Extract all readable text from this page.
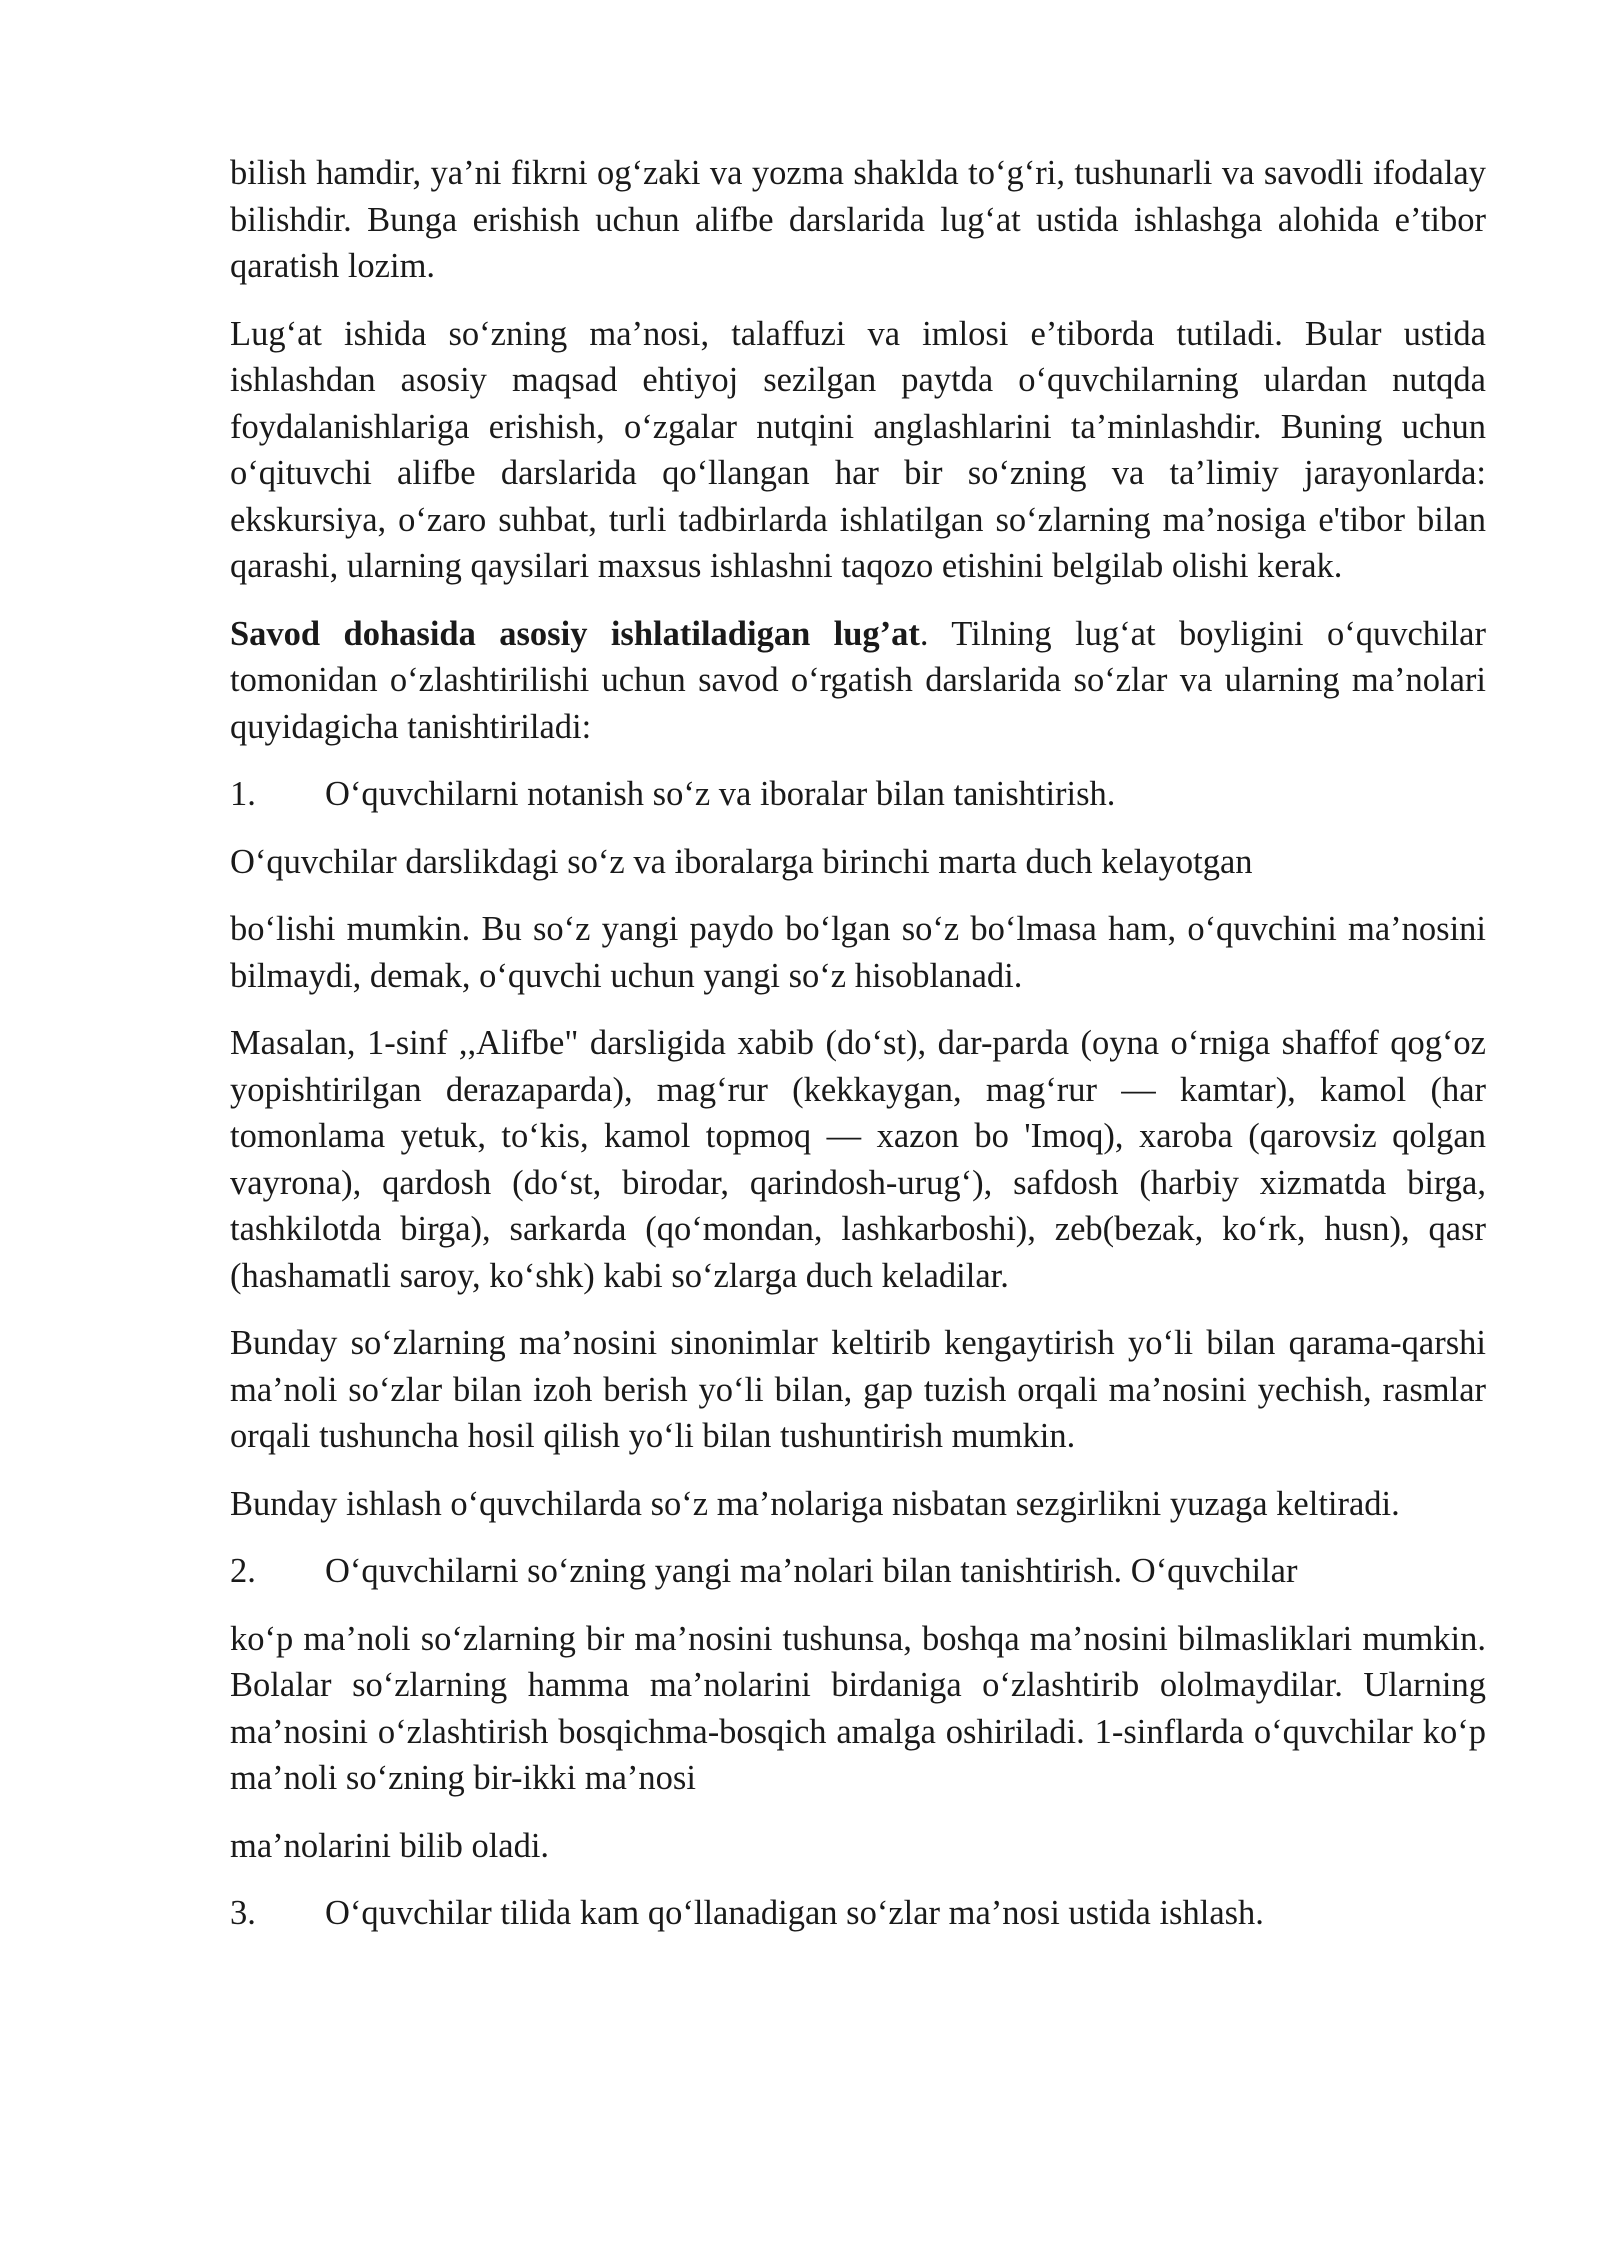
bilish hamdir, ya’ni fikrni og‘zaki va yozma shaklda to‘g‘ri, tushunarli va savodli ifodalay bilishdir. Bunga erishish uchun alifbe darslarida lug‘at ustida ishlashga alohida e’tibor qaratish lozim.

Lug‘at ishida so‘zning ma’nosi, talaffuzi va imlosi e’tiborda tutiladi. Bular ustida ishlashdan asosiy maqsad ehtiyoj sezilgan paytda o‘quvchilarning ulardan nutqda foydalanishlariga erishish, o‘zgalar nutqini anglashlarini ta’minlashdir. Buning uchun o‘qituvchi alifbe darslarida qo‘llangan har bir so‘zning va ta’limiy jarayonlarda: ekskursiya, o‘zaro suhbat, turli tadbirlarda ishlatilgan so‘zlarning ma’nosiga e'tibor bilan qarashi, ularning qaysilari maxsus ishlashni taqozo etishini belgilab olishi kerak.

Savod dohasida asosiy ishlatiladigan lug’at. Tilning lug‘at boyligini o‘quvchilar tomonidan o‘zlashtirilishi uchun savod o‘rgatish darslarida so‘zlar va ularning ma’nolari quyidagicha tanishtiriladi:

1.	O‘quvchilarni notanish so‘z va iboralar bilan tanishtirish.

O‘quvchilar darslikdagi so‘z va iboralarga birinchi marta duch kelayotgan

bo‘lishi mumkin. Bu so‘z yangi paydo bo‘lgan so‘z bo‘lmasa ham, o‘quvchini ma’nosini bilmaydi, demak, o‘quvchi uchun yangi so‘z hisoblanadi.

Masalan, 1-sinf ,,Alifbe" darsligida xabib (do‘st), dar-parda (oyna o‘rniga shaffof qog‘oz yopishtirilgan derazaparda), mag‘rur (kekkaygan, mag‘rur — kamtar), kamol (har tomonlama yetuk, to‘kis, kamol topmoq — xazon bo 'Imoq), xaroba (qarovsiz qolgan vayrona), qardosh (do‘st, birodar, qarindosh-urug‘), safdosh (harbiy xizmatda birga, tashkilotda birga), sarkarda (qo‘mondan, lashkarboshi), zeb(bezak, ko‘rk, husn), qasr (hashamatli saroy, ko‘shk) kabi so‘zlarga duch keladilar.

Bunday so‘zlarning ma’nosini sinonimlar keltirib kengaytirish yo‘li bilan qarama-qarshi ma’noli so‘zlar bilan izoh berish yo‘li bilan, gap tuzish orqali ma’nosini yechish, rasmlar orqali tushuncha hosil qilish yo‘li bilan tushuntirish mumkin.

Bunday ishlash o‘quvchilarda so‘z ma’nolariga nisbatan sezgirlikni yuzaga keltiradi.

2.	O‘quvchilarni so‘zning yangi ma’nolari bilan tanishtirish. O‘quvchilar

ko‘p ma’noli so‘zlarning bir ma’nosini tushunsa, boshqa ma’nosini bilmasliklari mumkin. Bolalar so‘zlarning hamma ma’nolarini birdaniga o‘zlashtirib ololmaydilar. Ularning ma’nosini o‘zlashtirish bosqichma-bosqich amalga oshiriladi. 1-sinflarda o‘quvchilar ko‘p ma’noli so‘zning bir-ikki ma’nosi

ma’nolarini bilib oladi.

3.	O‘quvchilar tilida kam qo‘llanadigan so‘zlar ma’nosi ustida ishlash.
